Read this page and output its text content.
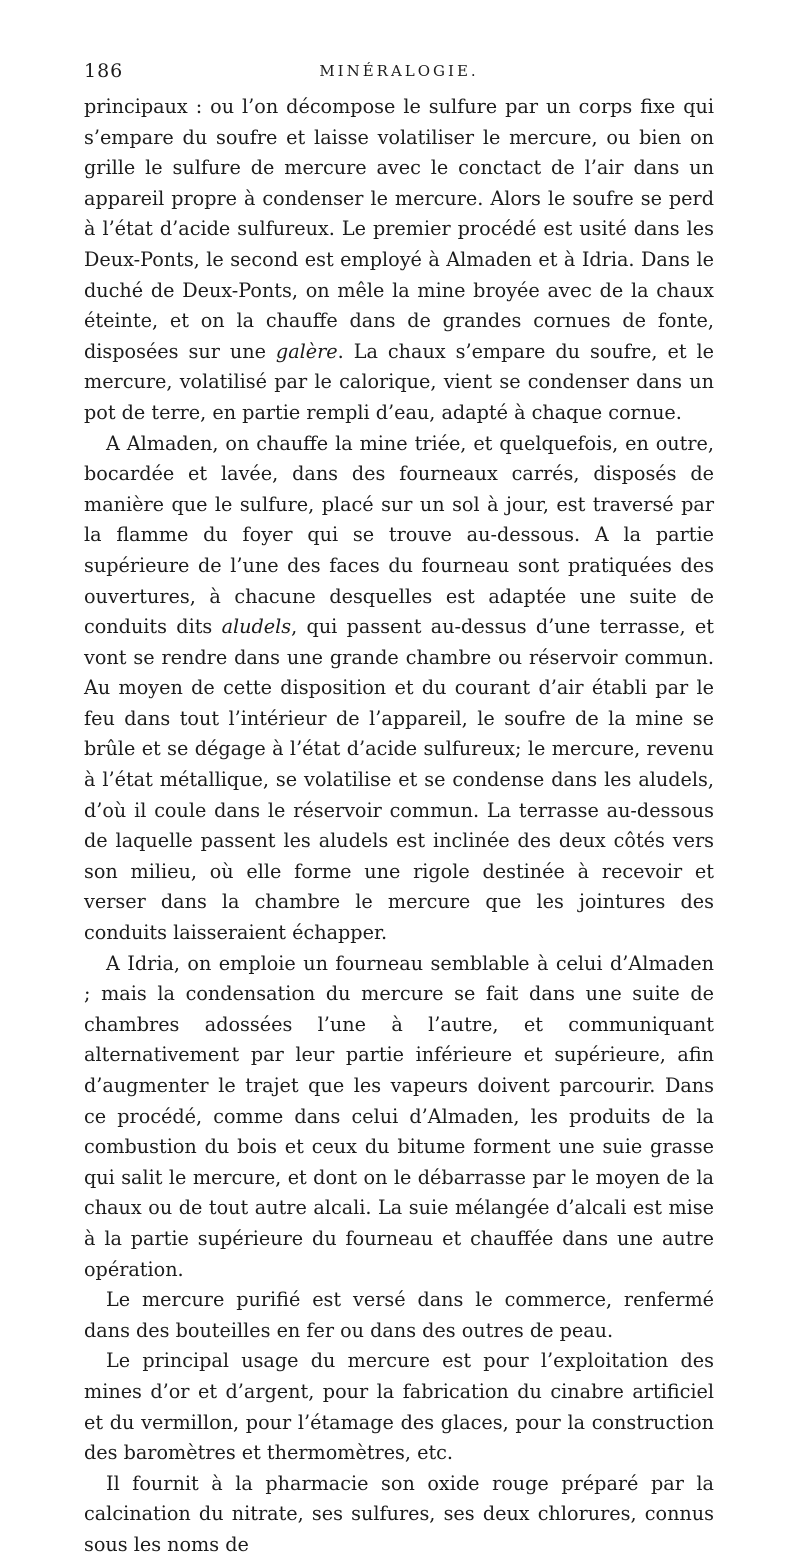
186	MINÉRALOGIE.

principaux : ou l’on décompose le sulfure par un corps fixe qui s’empare du soufre et laisse volatiliser le mercure, ou bien on grille le sulfure de mercure avec le conctact de l’air dans un appareil propre à condenser le mercure. Alors le soufre se perd à l’état d’acide sulfureux. Le premier procédé est usité dans les Deux-Ponts, le second est employé à Almaden et à Idria. Dans le duché de Deux-Ponts, on mêle la mine broyée avec de la chaux éteinte, et on la chauffe dans de grandes cornues de fonte, disposées sur une galère. La chaux s’empare du soufre, et le mercure, volatilisé par le calorique, vient se condenser dans un pot de terre, en partie rempli d’eau, adapté à chaque cornue.

A Almaden, on chauffe la mine triée, et quelquefois, en outre, bocardée et lavée, dans des fourneaux carrés, disposés de manière que le sulfure, placé sur un sol à jour, est traversé par la flamme du foyer qui se trouve au-dessous. A la partie supérieure de l’une des faces du fourneau sont pratiquées des ouvertures, à chacune desquelles est adaptée une suite de conduits dits aludels, qui passent au-dessus d’une terrasse, et vont se rendre dans une grande chambre ou réservoir commun. Au moyen de cette disposition et du courant d’air établi par le feu dans tout l’intérieur de l’appareil, le soufre de la mine se brûle et se dégage à l’état d’acide sulfureux; le mercure, revenu à l’état métallique, se volatilise et se condense dans les aludels, d’où il coule dans le réservoir commun. La terrasse au-dessous de laquelle passent les aludels est inclinée des deux côtés vers son milieu, où elle forme une rigole destinée à recevoir et verser dans la chambre le mercure que les jointures des conduits laisseraient échapper.

A Idria, on emploie un fourneau semblable à celui d’Almaden ; mais la condensation du mercure se fait dans une suite de chambres adossées l’une à l’autre, et communiquant alternativement par leur partie inférieure et supérieure, afin d’augmenter le trajet que les vapeurs doivent parcourir. Dans ce procédé, comme dans celui d’Almaden, les produits de la combustion du bois et ceux du bitume forment une suie grasse qui salit le mercure, et dont on le débarrasse par le moyen de la chaux ou de tout autre alcali. La suie mélangée d’alcali est mise à la partie supérieure du fourneau et chauffée dans une autre opération.

Le mercure purifié est versé dans le commerce, renfermé dans des bouteilles en fer ou dans des outres de peau.

Le principal usage du mercure est pour l’exploitation des mines d’or et d’argent, pour la fabrication du cinabre artificiel et du vermillon, pour l’étamage des glaces, pour la construction des baromètres et thermomètres, etc.

Il fournit à la pharmacie son oxide rouge préparé par la calcination du nitrate, ses sulfures, ses deux chlorures, connus sous les noms de
